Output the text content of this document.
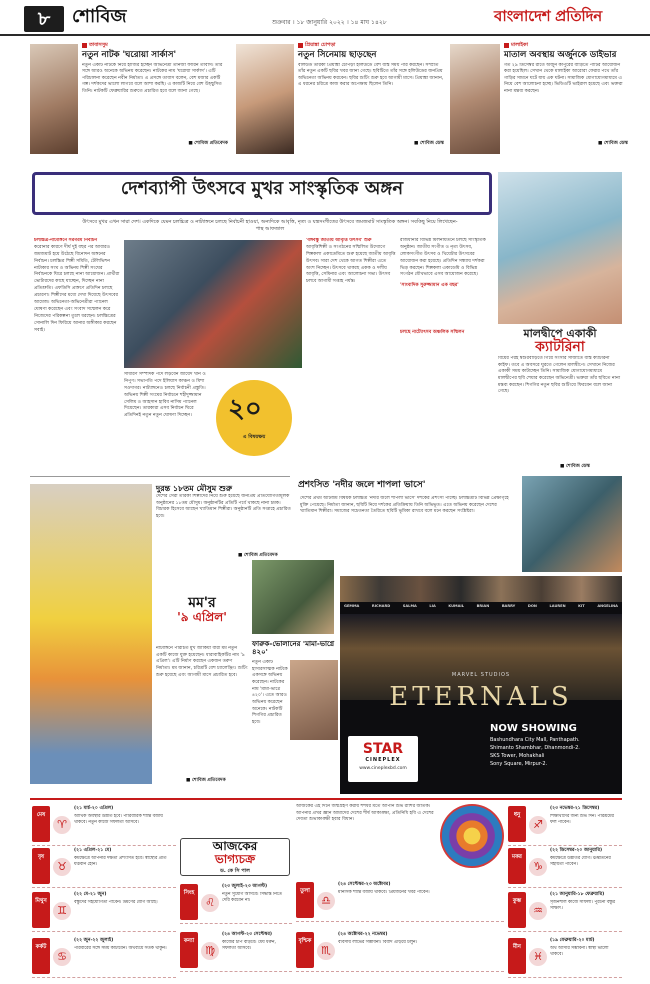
৮	শোবিজ	শুক্রবার । ১৮ জানুয়ারি ২০২২ । ১৪ মাঘ ১৪২৮	বাংলাদেশ প্রতিদিন
তাবাসসুম
নতুন নাটক 'ঘরোয়া সার্কাস'
নতুন একটি নাটকে নিয়ে হাজির হচ্ছেন অভিনেত্রী তানজা ফারিন তাবাস। তাঁর সঙ্গে আরও অনেকে অভিনয় করেছেন। নাটকের নাম 'ঘরোয়া সার্কাস'। এটি পরিচালনা করেছেন নবীন নির্মাতা। এ প্রসঙ্গে তাবাস বলেন, বেশ মজার একটি গল্প। দর্শকদের ভালো লাগবে বলে আশা করছি। এ কাজটি নিয়ে বেশ উচ্ছ্বসিত তিনি। নাটকটি ফেব্রুয়ারির শুরুতে প্রচারিত হবে বলে জানা গেছে।
■ শোবিজ প্রতিবেদক
প্রিয়াঙ্কা চোপড়া
নতুন সিনেমায় ছাড়ছেন
বলিউড তারকা প্রিয়াঙ্কা চোপড়া হলিউডে বেশ ব্যস্ত সময় পার করছেন। সম্প্রতি তাঁর নতুন একটি ছবির খবর জানা গেছে। ছবিটিতে তাঁর সঙ্গে হলিউডের জনপ্রিয় অভিনেতা অভিনয় করবেন। ছবির শুটিং শুরু হবে আগামী মাসে। প্রিয়াঙ্কা জানান, এ ধরনের চরিত্রে কাজ করার অপেক্ষায় ছিলেন তিনি।
■ শোবিজ ডেস্ক
মালাইকা
মাতাল অবস্থায় অর্জুনকে ডাইভার
গত ২৯ ডিসেম্বর রাতে অর্জুন কাপুরের বাড়িতে পার্টির আয়োজন করা হয়েছিল। সেখান থেকে মালাইকা আরোরা ফেরার পথে তাঁর গাড়ির সামনে ঘটে যায় এক ঘটনা। সামাজিক যোগাযোগমাধ্যমে এ নিয়ে বেশ আলোচনা হচ্ছে। ভিডিওটি ভাইরাল হয়েছে এবং ভক্তরা নানা মন্তব্য করছেন।
■ শোবিজ ডেস্ক
দেশব্যাপী উৎসবে মুখর সাংস্কৃতিক অঙ্গন
উৎসবে মুখর এখন সারা দেশ। একদিকে যেমন চলচ্চিত্র ও নাট্যাঙ্গনে চলছে নির্বাচনী হাওয়া, অন্যদিকে আবৃত্তি, নৃত্য ও যন্ত্রসংগীতের উৎসবে জমজমাট সাংস্কৃতিক অঙ্গন। সবকিছু নিয়ে লিখেছেন- পান্থ আফজাল
চলচ্চিত্র-নাট্যাঙ্গনে সরগরম নির্বাচন
করোনার কারণে দীর্ঘ দুই বছর পর আবারও জমজমাট হয়ে উঠেছে বিনোদন অঙ্গনের নির্বাচন। চলচ্চিত্র শিল্পী সমিতি, টেলিভিশন নাট্যকার সংঘ ও অভিনয় শিল্পী সংঘের নির্বাচনকে ঘিরে চলছে নানা আয়োজন। প্রার্থীরা ভোটারদের কাছে যাচ্ছেন, দিচ্ছেন নানা প্রতিশ্রুতি। এফডিসি প্রাঙ্গণে প্রতিদিন চলছে প্রচারণা। শিল্পীদের মধ্যে দেখা দিয়েছে উৎসবের আমেজ। অভিনেতা-অভিনেত্রীরা প্যানেল ঘোষণা করেছেন এবং সংবাদ সম্মেলন করে নিজেদের পরিকল্পনা তুলে ধরছেন। চলচ্চিত্রের সোনালি দিন ফিরিয়ে আনার অঙ্গীকার করছেন সবাই।
সাধারণ সম্পাদক পদে লড়বেন জায়েদ খান ও নিপুণ। সভাপতি পদে ইলিয়াস কাঞ্চন ও মিশা সওদাগর। নাট্যাঙ্গনেও চলছে নির্বাচনী প্রস্তুতি। অভিনয় শিল্পী সংঘের নির্বাচনে শহীদুজ্জামান সেলিম ও আহসান হাবিব নাসিম প্যানেল দিয়েছেন। তারকারা এসব নির্বাচন ঘিরে প্রতিদিনই নতুন নতুন ঘোষণা দিচ্ছেন।	২০
এ বিষয়ক্ষয়
'বঙ্গবন্ধু জাতীয় আবৃত্তি উৎসব' শুরু
আবৃত্তিশিল্পী ও সংগঠনের সম্মিলিত উদ্যোগে শিল্পকলা একাডেমিতে শুরু হয়েছে জাতীয় আবৃত্তি উৎসব। সারা দেশ থেকে আগত শিল্পীরা এতে অংশ নিচ্ছেন। উৎসবে থাকছে একক ও দলীয় আবৃত্তি, সেমিনার এবং আলোচনা সভা। উৎসব চলবে আগামী সপ্তাহ পর্যন্ত।
রাজধানীর বিভিন্ন মিলনায়তনে চলছে সাংস্কৃতিক অনুষ্ঠান। জাতীয় সংগীত ও নৃত্য উৎসব, লোকসংগীত উৎসব ও থিয়েটার উৎসবের আয়োজন করা হয়েছে। প্রতিদিন সন্ধ্যায় দর্শকরা ভিড় করছেন। শিল্পকলা একাডেমি ও বিভিন্ন সংগঠন যৌথভাবে এসব আয়োজন করেছে।
'সাংবাদিক সুরুজ্জামান এক বছর'
চলছে নাট্যোৎসব অঞ্চলিক সম্মিলন	মালদ্বীপে একাকী
ক্যাটরিনা
বিয়ের পরই শ্বশুরবাড়িতে গিয়ে সংসার সাজাতে ব্যস্ত ক্যাটরিনা কাইফ। তবে এ অবসরে ঘুরতে গেলেন মালদ্বীপে। সেখানে নিজের একাকী সময় কাটাচ্ছেন তিনি। সামাজিক যোগাযোগমাধ্যমে মালদ্বীপের ছবি শেয়ার করেছেন অভিনেত্রী। ভক্তরা তাঁর ছবিতে নানা মন্তব্য করছেন। শিগগির নতুন ছবির শুটিংয়ে ফিরবেন বলে জানা গেছে।
■ শোবিজ ডেস্ক
দুরন্ত ১৮তম মৌসুম শুরু
দেশের সেরা তারকা শিল্পীদের নিয়ে শুরু হয়েছে জনপ্রিয় প্রতিযোগিতামূলক অনুষ্ঠানের ১৮তম মৌসুম। অনুষ্ঠানটির প্রতিটি পর্বে থাকছে নানা চমক। বিচারক হিসেবে আছেন খ্যাতিমান শিল্পীরা। অনুষ্ঠানটি প্রতি সপ্তাহে প্রচারিত হবে।
■ শোবিজ প্রতিবেদক
মম'র
'৯ এপ্রিল'
নাট্যাঙ্গনে পরিচিত মুখ জাকিয়া বারী মম নতুন একটি কাজে যুক্ত হয়েছেন। ধারাবাহিকটির নাম '৯ এপ্রিল'। এটি নির্মাণ করছেন একজন তরুণ নির্মাতা। মম জানান, চরিত্রটি বেশ চ্যালেঞ্জিং। শুটিং শুরু হয়েছে এবং আগামী মাসে প্রচারিত হবে।
■ শোবিজ প্রতিবেদক
ফারুক-ভোলানের 'মামা-ভাগ্নে ৪২০'
নতুন একটি হাস্যরসাত্মক নাটকে একসঙ্গে অভিনয় করেছেন। নাটকের নাম 'মামা-ভাগ্নে ৪২০'। এতে আরও অভিনয় করেছেন অনেকে। নাটকটি শিগগির প্রচারিত হবে।
প্রশংসিত 'নদীর জলে শাপলা ভাসে'
দেশের প্রথম অটিজম বিষয়ক চলচ্চিত্র 'নদীর জলে শাপলা ভাসে' দর্শকের প্রশংসা পাচ্ছে। চলচ্চিত্রটি বিভিন্ন প্রেক্ষাগৃহে মুক্তি পেয়েছে। নির্মাতা জানান, ছবিটি নিয়ে দর্শকের প্রতিক্রিয়ায় তিনি অভিভূত। এতে অভিনয় করেছেন দেশের খ্যাতিমান শিল্পীরা। সমাজের সচেতনতা তৈরিতে ছবিটি ভূমিকা রাখবে বলে মনে করছেন সংশ্লিষ্টরা।
GEMMA	RICHARD	SALMA	LIA	KUMAIL	BRIAN	BARRY	DON	LAUREN	KIT	ANGELINA
MARVEL STUDIOS
ETERNALS
NOW SHOWING
STAR
CINEPLEX
www.cineplexbd.com
Bashundhara City Mall, Panthapath.
Shimanto Shambhar, Dhanmondi-2.
SKS Tower, Mohakhali
Sony Square, Mirpur-2.
আজকের
ভাগ্যচক্র
ড. কে সি পাল
আজকের এই দিনে জন্মগ্রহণ করায় শশধর মতে আপনি শুভ রাশির জাতক। আপনার প্রখর জ্ঞান আমাদের দেশের শীর্ষ আকাঙ্ক্ষা, প্রতিনিধি হবি এ দেশের দেবতা শুভাকাঙ্ক্ষী হবার বিধান।
মেষ
♈
(২১ মার্চ-২০ এপ্রিল)
আর্থিক অবস্থার উন্নতি হবে। পারিবারিক শান্তি বজায় থাকবে। নতুন কাজে সফলতা আসবে।
বৃষ
♉
(২১ এপ্রিল-২১ মে)
কর্মক্ষেত্রে আপনার দক্ষতা প্রশংসিত হবে। স্বাস্থ্যের প্রতি যত্নবান হোন।
মিথুন
♊
(২২ মে-২১ জুন)
বন্ধুদের সহযোগিতা পাবেন। ভ্রমণের যোগ আছে।
কর্কট
♋
(২২ জুন-২২ জুলাই)
পরিবারের সঙ্গে সময় কাটাবেন। অর্থব্যয়ে সতর্ক থাকুন।
সিংহ
♌
(২৩ জুলাই-২৩ আগস্ট)
নতুন সুযোগ আসবে। সিদ্ধান্ত নিতে দেরি করবেন না।
কন্যা
♍
(২৪ আগস্ট-২৩ সেপ্টেম্বর)
কাজের চাপ বাড়বে। ধৈর্য ধরুন, সফলতা আসবে।
তুলা
♎
(২৪ সেপ্টেম্বর-২৩ অক্টোবর)
মানসিক শান্তি বজায় থাকবে। প্রিয়জনের খবর পাবেন।
বৃশ্চিক
♏
(২৪ অক্টোবর-২২ নভেম্বর)
ব্যবসায় লাভের সম্ভাবনা। বিবাদ এড়িয়ে চলুন।
ধনু
♐
(২৩ নভেম্বর-২১ ডিসেম্বর)
শিক্ষার্থীদের জন্য শুভ দিন। পরিশ্রমের ফল পাবেন।
মকর
♑
(২২ ডিসেম্বর-২০ জানুয়ারি)
কর্মক্ষেত্রে উন্নতির যোগ। ঊর্ধ্বতনের সহায়তা পাবেন।
কুম্ভ
♒
(২১ জানুয়ারি-১৮ ফেব্রুয়ারি)
সৃজনশীল কাজে সাফল্য। পুরনো বন্ধুর সাক্ষাৎ।
মীন
♓
(১৯ ফেব্রুয়ারি-২০ মার্চ)
অর্থ আসার সম্ভাবনা। স্বাস্থ্য ভালো থাকবে।
